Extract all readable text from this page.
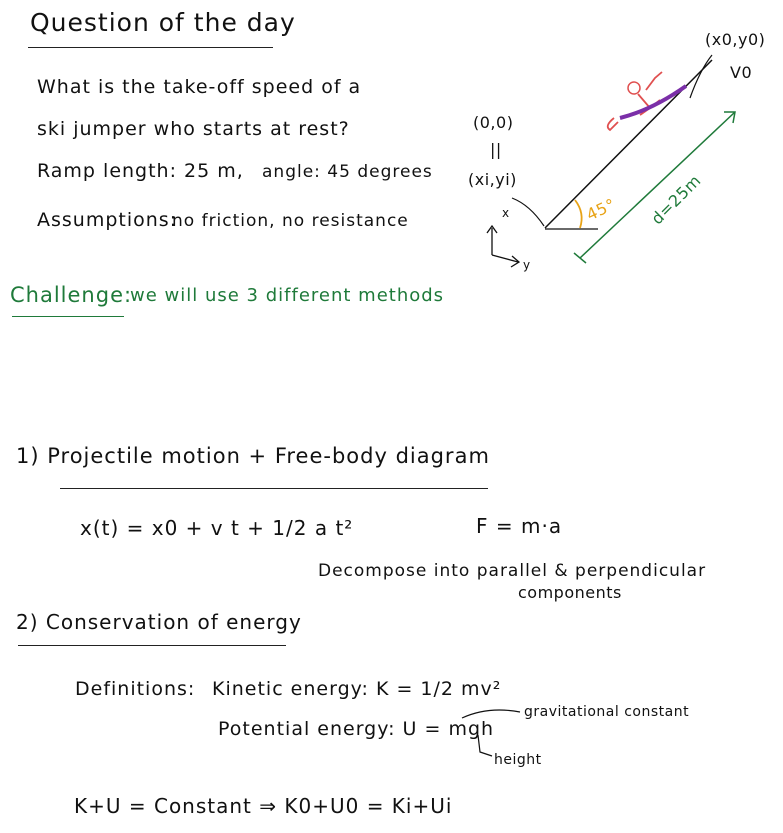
Question of the day
What is the take-off speed of a
ski jumper who starts at rest?
Ramp length: 25 m, angle: 45 degrees
Assumptions:
no friction, no resistance
Challenge:
we will use 3 different methods
(0,0)
||
(xi,yi)
(x0,y0)
V0
x
y
45° d=25m
1) Projectile motion + Free-body diagram
x(t) = x0 + v t + 1/2 a t²	F = m·a
Decompose into parallel & perpendicular
components
2) Conservation of energy
Definitions: Kinetic energy: K = 1/2 mv²
Potential energy: U = mgh
gravitational constant
height
K+U = Constant ⇒ K0+U0 = Ki+Ui
